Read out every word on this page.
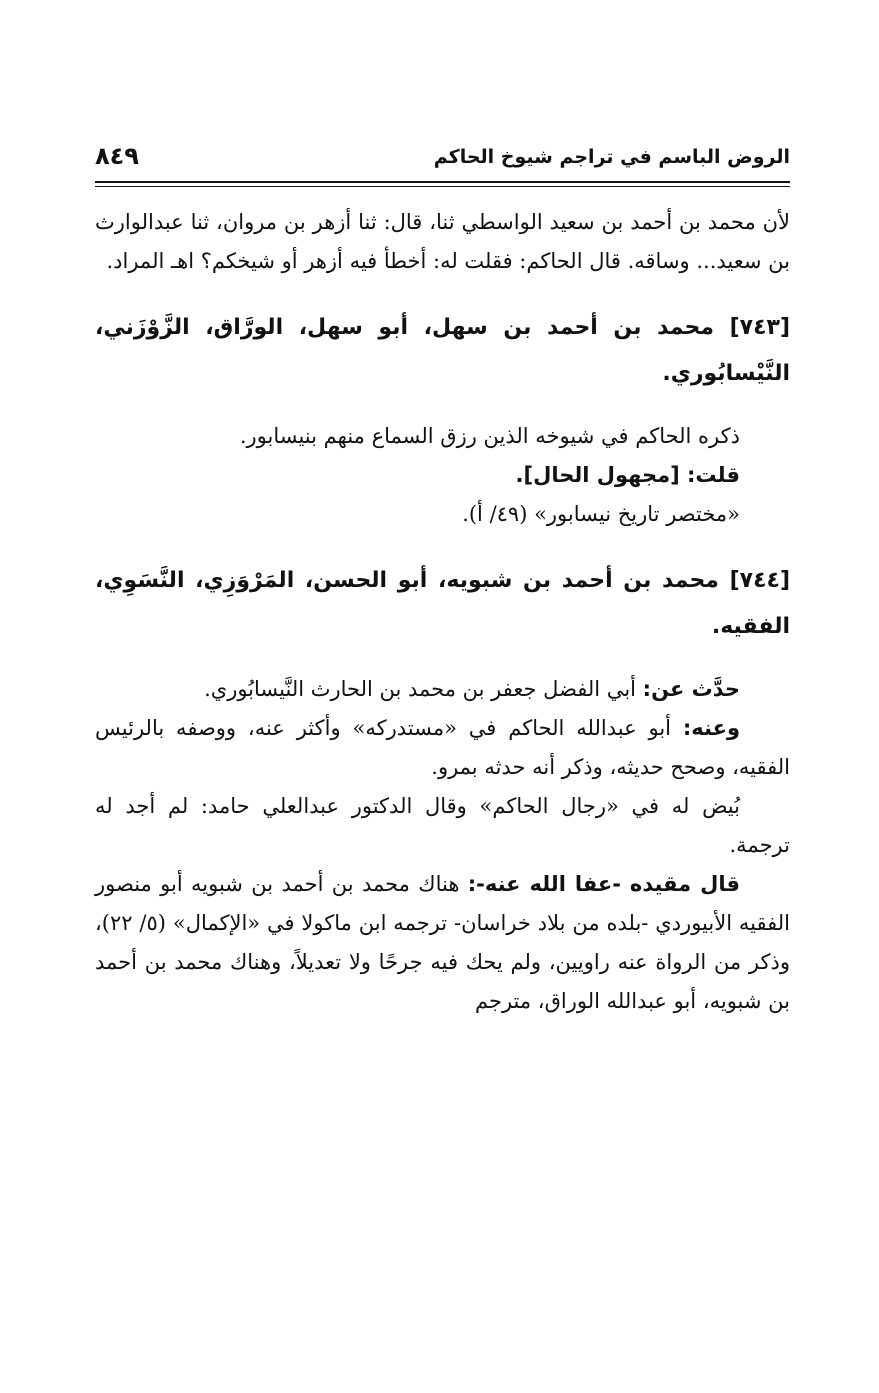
٨٤٩	الروض الباسم في تراجم شيوخ الحاكم

لأن محمد بن أحمد بن سعيد الواسطي ثنا، قال: ثنا أزهر بن مروان، ثنا عبدالوارث بن سعيد... وساقه. قال الحاكم: فقلت له: أخطأ فيه أزهر أو شيخكم؟ اهـ المراد.

[٧٤٣] محمد بن أحمد بن سهل، أبو سهل، الورَّاق، الزَّوْزَني، النَّيْسابُوري.

ذكره الحاكم في شيوخه الذين رزق السماع منهم بنيسابور.

قلت: [مجهول الحال].

«مختصر تاريخ نيسابور» (٤٩/ أ).

[٧٤٤] محمد بن أحمد بن شبويه، أبو الحسن، المَرْوَزِي، النَّسَوِي، الفقيه.

حدَّث عن: أبي الفضل جعفر بن محمد بن الحارث النَّيسابُوري.

وعنه: أبو عبدالله الحاكم في «مستدركه» وأكثر عنه، ووصفه بالرئيس الفقيه، وصحح حديثه، وذكر أنه حدثه بمرو.

بُيض له في «رجال الحاكم» وقال الدكتور عبدالعلي حامد: لم أجد له ترجمة.

قال مقيده -عفا الله عنه-: هناك محمد بن أحمد بن شبويه أبو منصور الفقيه الأبيوردي -بلده من بلاد خراسان- ترجمه ابن ماكولا في «الإكمال» (٥/ ٢٢)، وذكر من الرواة عنه راويين، ولم يحك فيه جرحًا ولا تعديلاً، وهناك محمد بن أحمد بن شبويه، أبو عبدالله الوراق، مترجم
